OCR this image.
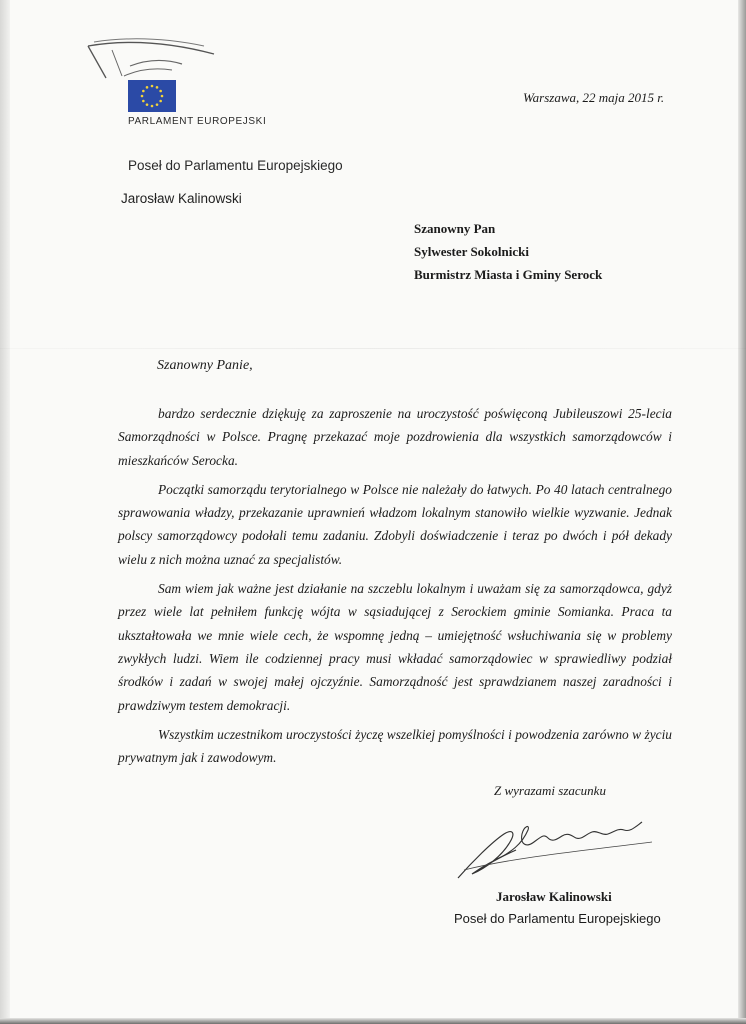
PARLAMENT EUROPEJSKI
Warszawa, 22 maja 2015 r.
Poseł do Parlamentu Europejskiego
Jarosław Kalinowski
Szanowny Pan
Sylwester Sokolnicki
Burmistrz Miasta i Gminy Serock
Szanowny Panie,

bardzo serdecznie dziękuję za zaproszenie na uroczystość poświęconą Jubileuszowi 25-lecia Samorządności w Polsce. Pragnę przekazać moje pozdrowienia dla wszystkich samorządowców i mieszkańców Serocka.

Początki samorządu terytorialnego w Polsce nie należały do łatwych. Po 40 latach centralnego sprawowania władzy, przekazanie uprawnień władzom lokalnym stanowiło wielkie wyzwanie. Jednak polscy samorządowcy podołali temu zadaniu. Zdobyli doświadczenie i teraz po dwóch i pół dekady wielu z nich można uznać za specjalistów.

Sam wiem jak ważne jest działanie na szczeblu lokalnym i uważam się za samorządowca, gdyż przez wiele lat pełniłem funkcję wójta w sąsiadującej z Serockiem gminie Somianka. Praca ta ukształtowała we mnie wiele cech, że wspomnę jedną – umiejętność wsłuchiwania się w problemy zwykłych ludzi. Wiem ile codziennej pracy musi wkładać samorządowiec w sprawiedliwy podział środków i zadań w swojej małej ojczyźnie. Samorządność jest sprawdzianem naszej zaradności i prawdziwym testem demokracji.

Wszystkim uczestnikom uroczystości życzę wszelkiej pomyślności i powodzenia zarówno w życiu prywatnym jak i zawodowym.

Z wyrazami szacunku
Jarosław Kalinowski
Poseł do Parlamentu Europejskiego
